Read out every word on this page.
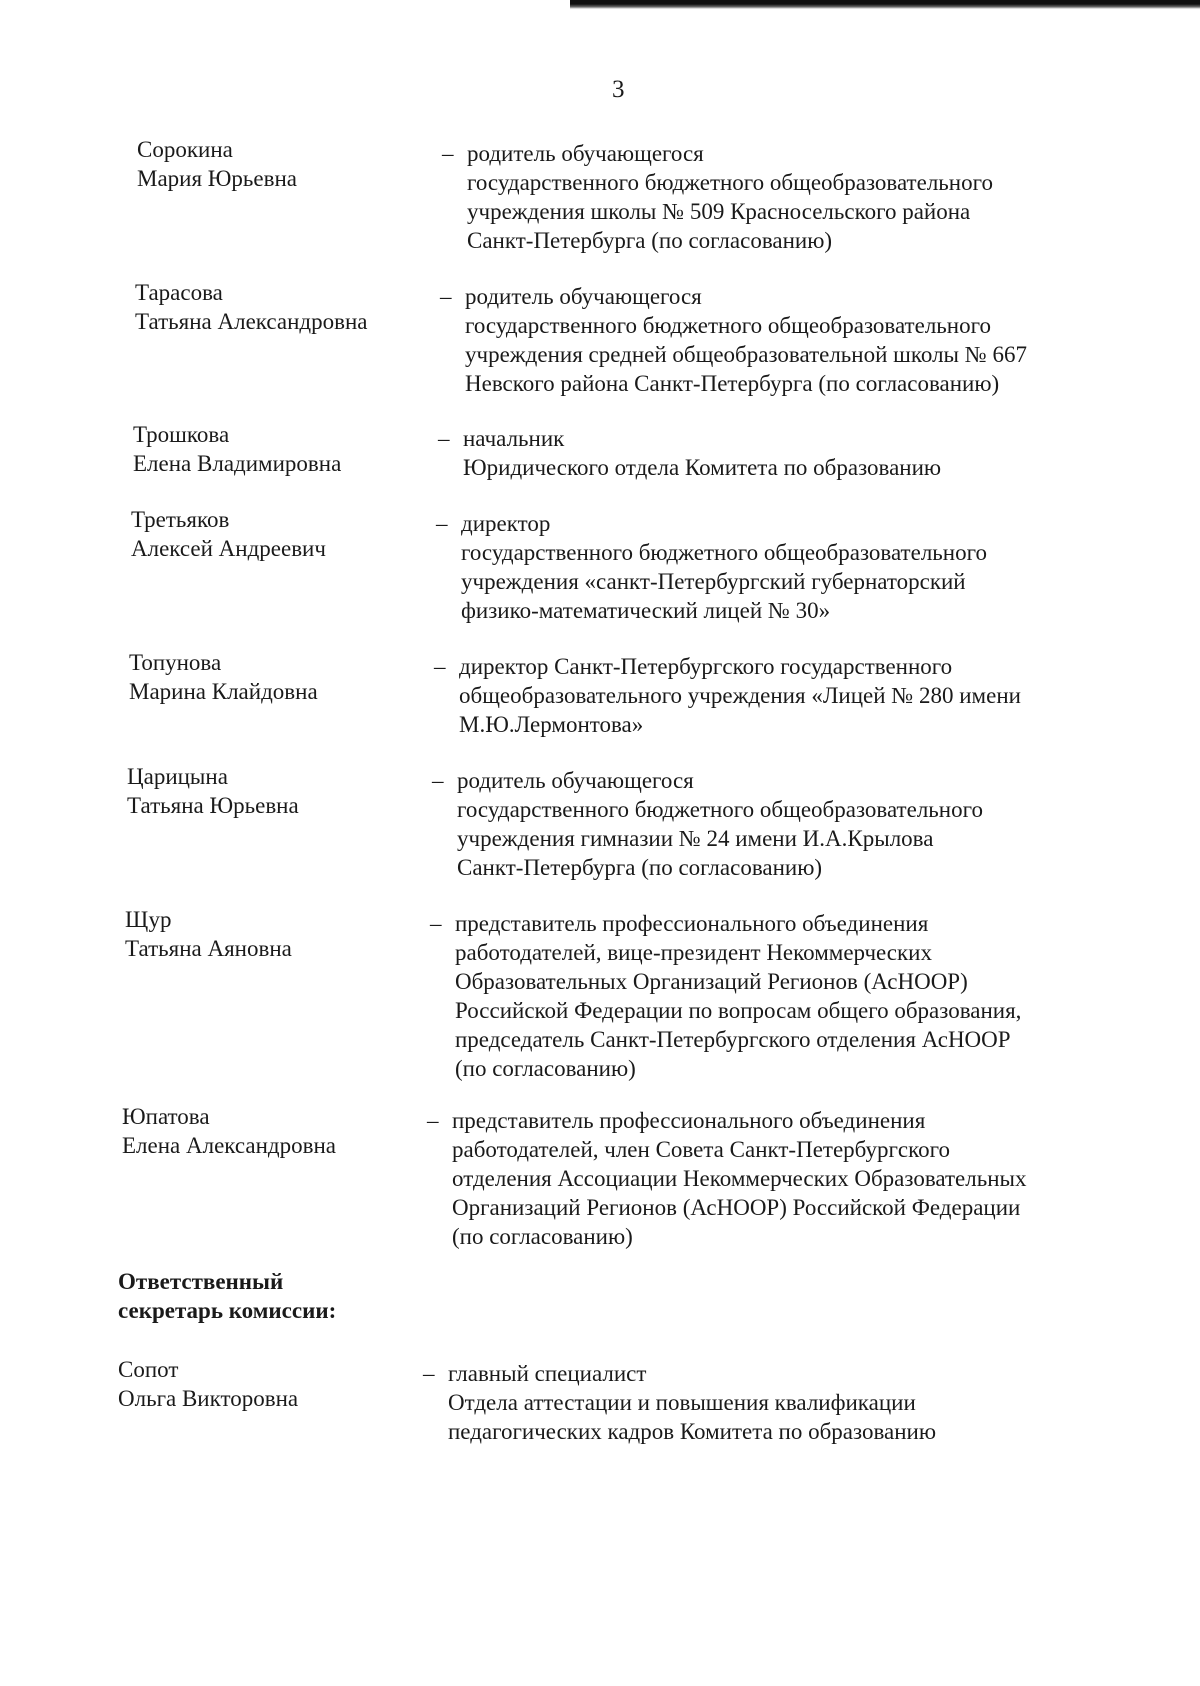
3
Сорокина
Мария Юрьевна
– родитель обучающегося
государственного бюджетного общеобразовательного
учреждения школы № 509 Красносельского района
Санкт-Петербурга (по согласованию)
Тарасова
Татьяна Александровна
– родитель обучающегося
государственного бюджетного общеобразовательного
учреждения средней общеобразовательной школы № 667
Невского района Санкт-Петербурга (по согласованию)
Трошкова
Елена Владимировна
– начальник
Юридического отдела Комитета по образованию
Третьяков
Алексей Андреевич
– директор
государственного бюджетного общеобразовательного
учреждения «санкт-Петербургский губернаторский
физико-математический лицей № 30»
Топунова
Марина Клайдовна
– директор Санкт-Петербургского государственного
общеобразовательного учреждения «Лицей № 280 имени
М.Ю.Лермонтова»
Царицына
Татьяна Юрьевна
– родитель обучающегося
государственного бюджетного общеобразовательного
учреждения гимназии № 24 имени И.А.Крылова
Санкт-Петербурга (по согласованию)
Щур
Татьяна Аяновна
– представитель профессионального объединения
работодателей, вице-президент Некоммерческих
Образовательных Организаций Регионов (АсНООР)
Российской Федерации по вопросам общего образования,
председатель Санкт-Петербургского отделения АсНООР
(по согласованию)
Юпатова
Елена Александровна
– представитель профессионального объединения
работодателей, член Совета Санкт-Петербургского
отделения Ассоциации Некоммерческих Образовательных
Организаций Регионов (АсНООР) Российской Федерации
(по согласованию)
Ответственный
секретарь комиссии:
Сопот
Ольга Викторовна
– главный специалист
Отдела аттестации и повышения квалификации
педагогических кадров Комитета по образованию
